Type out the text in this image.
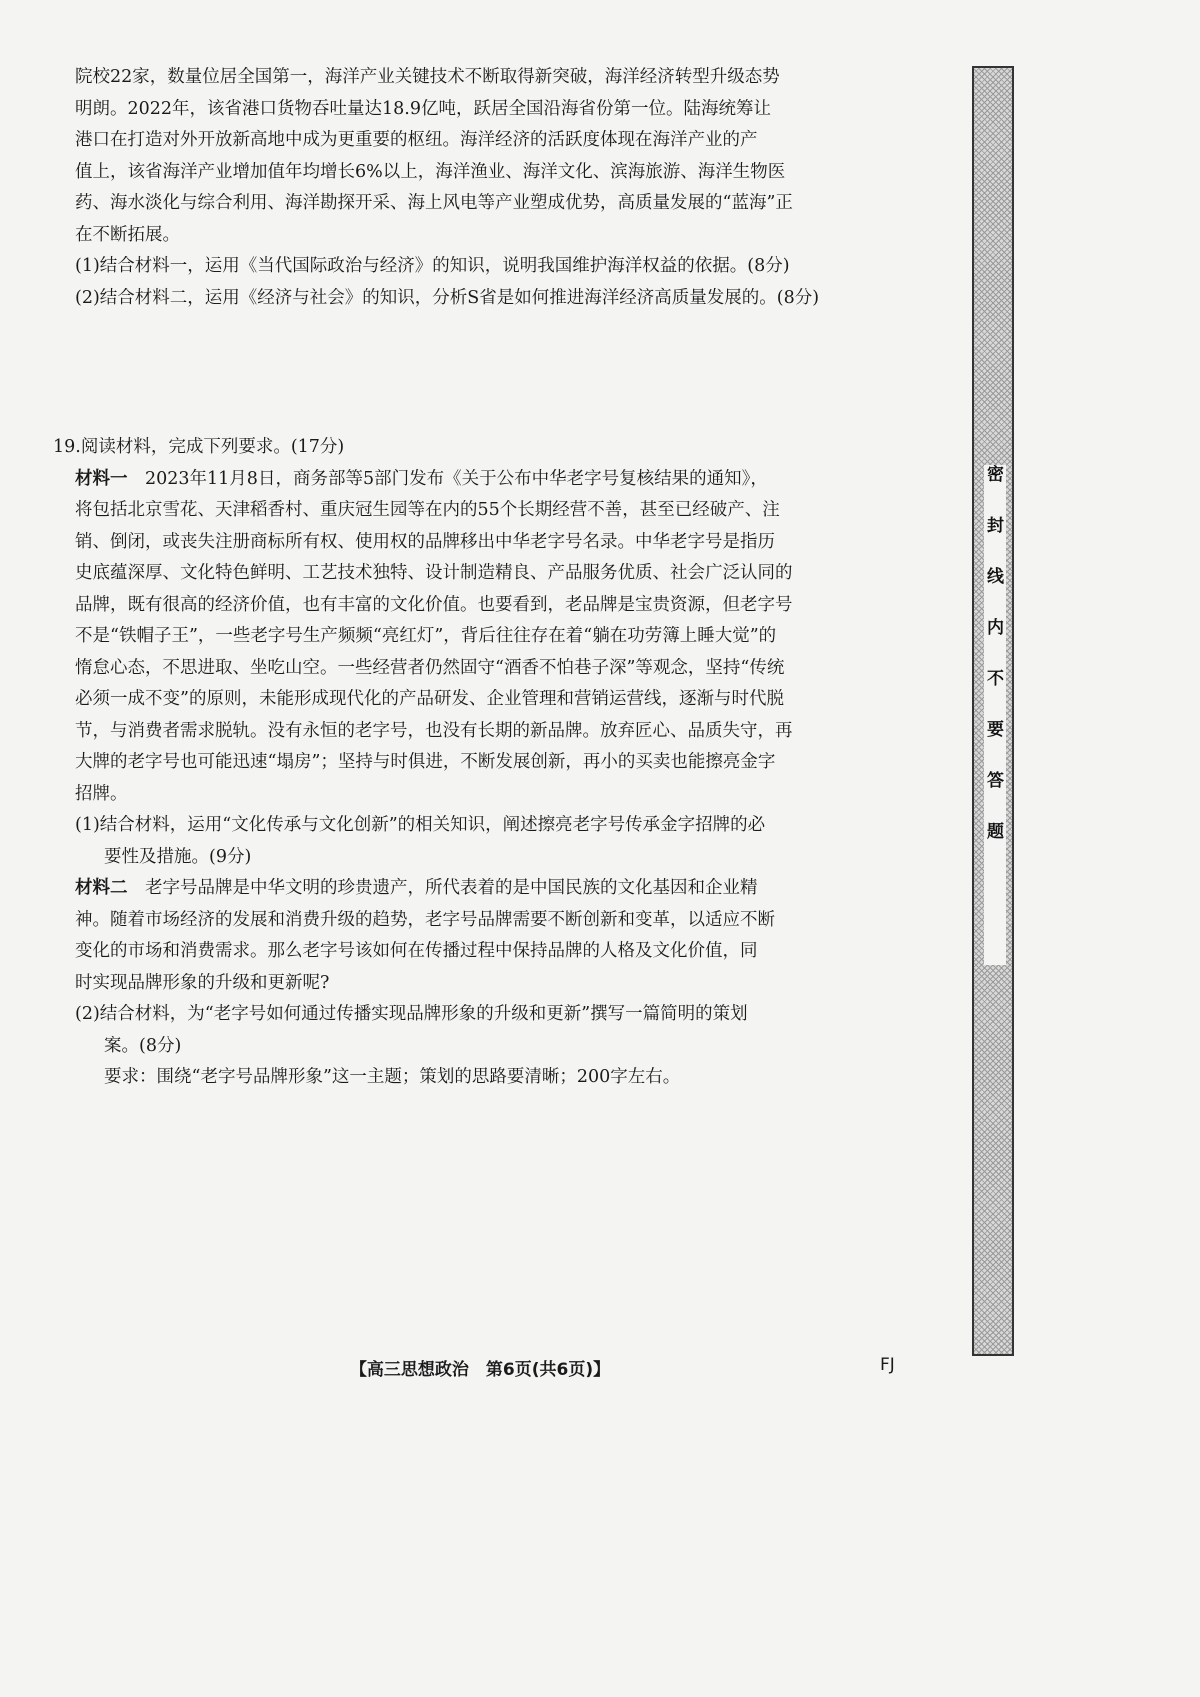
院校22家，数量位居全国第一，海洋产业关键技术不断取得新突破，海洋经济转型升级态势

明朗。2022年，该省港口货物吞吐量达18.9亿吨，跃居全国沿海省份第一位。陆海统筹让

港口在打造对外开放新高地中成为更重要的枢纽。海洋经济的活跃度体现在海洋产业的产

值上，该省海洋产业增加值年均增长6%以上，海洋渔业、海洋文化、滨海旅游、海洋生物医

药、海水淡化与综合利用、海洋勘探开采、海上风电等产业塑成优势，高质量发展的“蓝海”正

在不断拓展。

(1)结合材料一，运用《当代国际政治与经济》的知识，说明我国维护海洋权益的依据。(8分)

(2)结合材料二，运用《经济与社会》的知识，分析S省是如何推进海洋经济高质量发展的。(8分)

19.阅读材料，完成下列要求。(17分)

材料一　2023年11月8日，商务部等5部门发布《关于公布中华老字号复核结果的通知》，

将包括北京雪花、天津稻香村、重庆冠生园等在内的55个长期经营不善，甚至已经破产、注

销、倒闭，或丧失注册商标所有权、使用权的品牌移出中华老字号名录。中华老字号是指历

史底蕴深厚、文化特色鲜明、工艺技术独特、设计制造精良、产品服务优质、社会广泛认同的

品牌，既有很高的经济价值，也有丰富的文化价值。也要看到，老品牌是宝贵资源，但老字号

不是“铁帽子王”，一些老字号生产频频“亮红灯”，背后往往存在着“躺在功劳簿上睡大觉”的

惰怠心态，不思进取、坐吃山空。一些经营者仍然固守“酒香不怕巷子深”等观念，坚持“传统

必须一成不变”的原则，未能形成现代化的产品研发、企业管理和营销运营线，逐渐与时代脱

节，与消费者需求脱轨。没有永恒的老字号，也没有长期的新品牌。放弃匠心、品质失守，再

大牌的老字号也可能迅速“塌房”；坚持与时俱进，不断发展创新，再小的买卖也能擦亮金字

招牌。

(1)结合材料，运用“文化传承与文化创新”的相关知识，阐述擦亮老字号传承金字招牌的必

要性及措施。(9分)

材料二　老字号品牌是中华文明的珍贵遗产，所代表着的是中国民族的文化基因和企业精

神。随着市场经济的发展和消费升级的趋势，老字号品牌需要不断创新和变革，以适应不断

变化的市场和消费需求。那么老字号该如何在传播过程中保持品牌的人格及文化价值，同

时实现品牌形象的升级和更新呢?

(2)结合材料，为“老字号如何通过传播实现品牌形象的升级和更新”撰写一篇简明的策划

案。(8分)

要求：围绕“老字号品牌形象”这一主题；策划的思路要清晰；200字左右。

密封线内不要答题
【高三思想政治　第6页(共6页)】	FJ
